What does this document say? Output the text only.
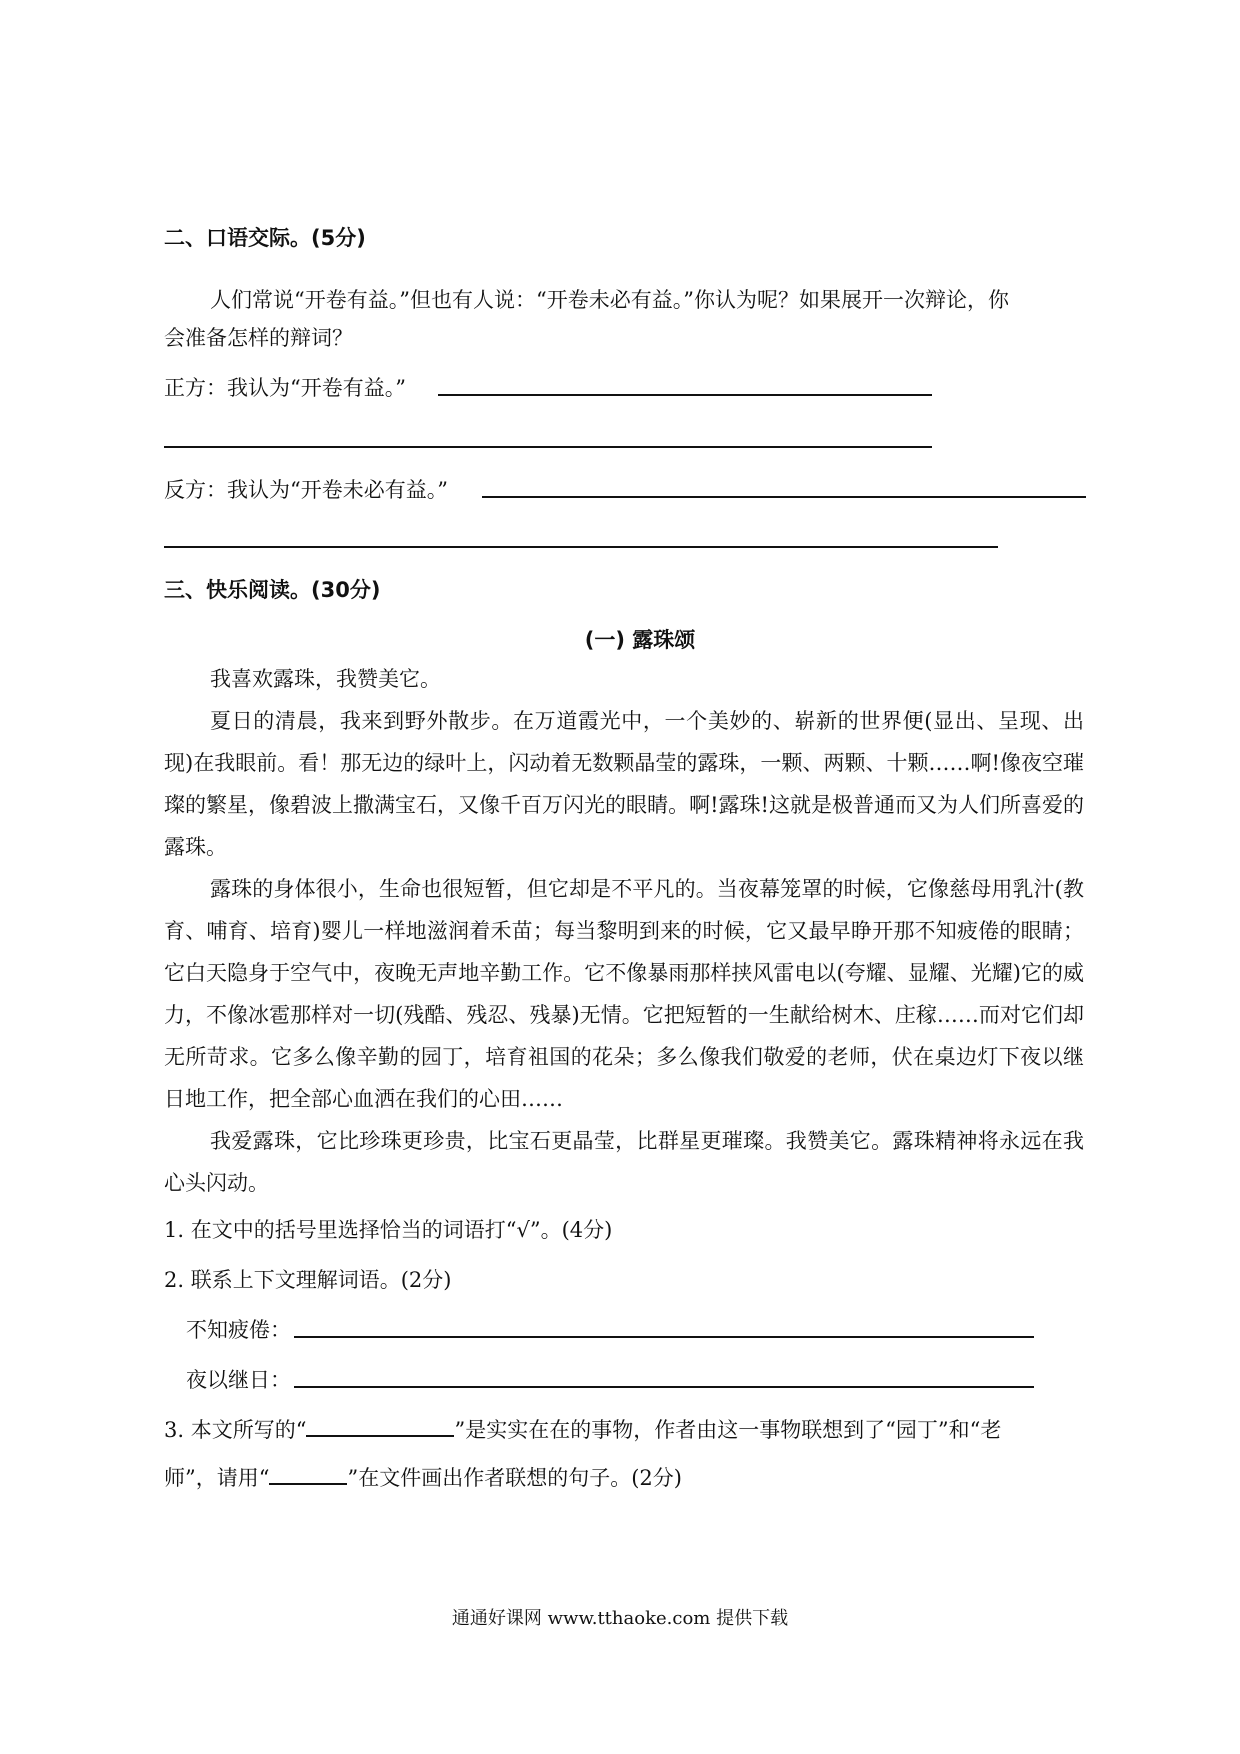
二、口语交际。(5分)
人们常说“开卷有益。”但也有人说：“开卷未必有益。”你认为呢？如果展开一次辩论，你
会准备怎样的辩词？
正方：我认为“开卷有益。”
反方：我认为“开卷未必有益。”
三、快乐阅读。(30分)
(一) 露珠颂
我喜欢露珠，我赞美它。
夏日的清晨，我来到野外散步。在万道霞光中，一个美妙的、崭新的世界便(显出、呈现、出现)在我眼前。看！那无边的绿叶上，闪动着无数颗晶莹的露珠，一颗、两颗、十颗……啊!像夜空璀璨的繁星，像碧波上撒满宝石，又像千百万闪光的眼睛。啊!露珠!这就是极普通而又为人们所喜爱的露珠。
露珠的身体很小，生命也很短暂，但它却是不平凡的。当夜幕笼罩的时候，它像慈母用乳汁(教育、哺育、培育)婴儿一样地滋润着禾苗；每当黎明到来的时候，它又最早睁开那不知疲倦的眼睛；它白天隐身于空气中，夜晚无声地辛勤工作。它不像暴雨那样挟风雷电以(夸耀、显耀、光耀)它的威力，不像冰雹那样对一切(残酷、残忍、残暴)无情。它把短暂的一生献给树木、庄稼……而对它们却无所苛求。它多么像辛勤的园丁，培育祖国的花朵；多么像我们敬爱的老师，伏在桌边灯下夜以继日地工作，把全部心血洒在我们的心田……
我爱露珠，它比珍珠更珍贵，比宝石更晶莹，比群星更璀璨。我赞美它。露珠精神将永远在我心头闪动。
1. 在文中的括号里选择恰当的词语打“√”。(4分)
2. 联系上下文理解词语。(2分)
不知疲倦：
夜以继日：
3. 本文所写的“	”是实实在在的事物，作者由这一事物联想到了“园丁”和“老
师”，请用“	”在文件画出作者联想的句子。(2分)
通通好课网 www.tthaoke.com 提供下载
